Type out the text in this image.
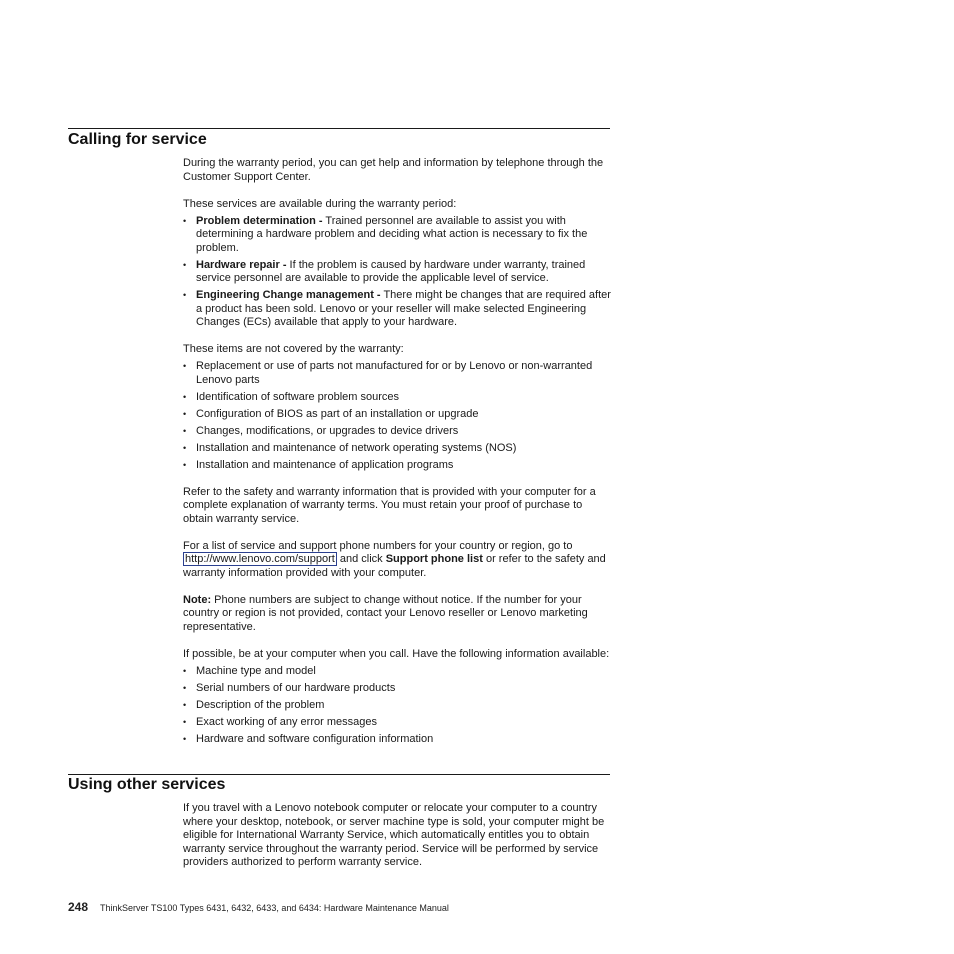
Calling for service

During the warranty period, you can get help and information by telephone through the Customer Support Center.

These services are available during the warranty period:

• Problem determination - Trained personnel are available to assist you with determining a hardware problem and deciding what action is necessary to fix the problem.
• Hardware repair - If the problem is caused by hardware under warranty, trained service personnel are available to provide the applicable level of service.
• Engineering Change management - There might be changes that are required after a product has been sold. Lenovo or your reseller will make selected Engineering Changes (ECs) available that apply to your hardware.

These items are not covered by the warranty:

• Replacement or use of parts not manufactured for or by Lenovo or non-warranted Lenovo parts
• Identification of software problem sources
• Configuration of BIOS as part of an installation or upgrade
• Changes, modifications, or upgrades to device drivers
• Installation and maintenance of network operating systems (NOS)
• Installation and maintenance of application programs

Refer to the safety and warranty information that is provided with your computer for a complete explanation of warranty terms. You must retain your proof of purchase to obtain warranty service.

For a list of service and support phone numbers for your country or region, go to http://www.lenovo.com/support and click Support phone list or refer to the safety and warranty information provided with your computer.

Note: Phone numbers are subject to change without notice. If the number for your country or region is not provided, contact your Lenovo reseller or Lenovo marketing representative.

If possible, be at your computer when you call. Have the following information available:

• Machine type and model
• Serial numbers of our hardware products
• Description of the problem
• Exact working of any error messages
• Hardware and software configuration information
Using other services

If you travel with a Lenovo notebook computer or relocate your computer to a country where your desktop, notebook, or server machine type is sold, your computer might be eligible for International Warranty Service, which automatically entitles you to obtain warranty service throughout the warranty period. Service will be performed by service providers authorized to perform warranty service.

248 ThinkServer TS100 Types 6431, 6432, 6433, and 6434: Hardware Maintenance Manual
